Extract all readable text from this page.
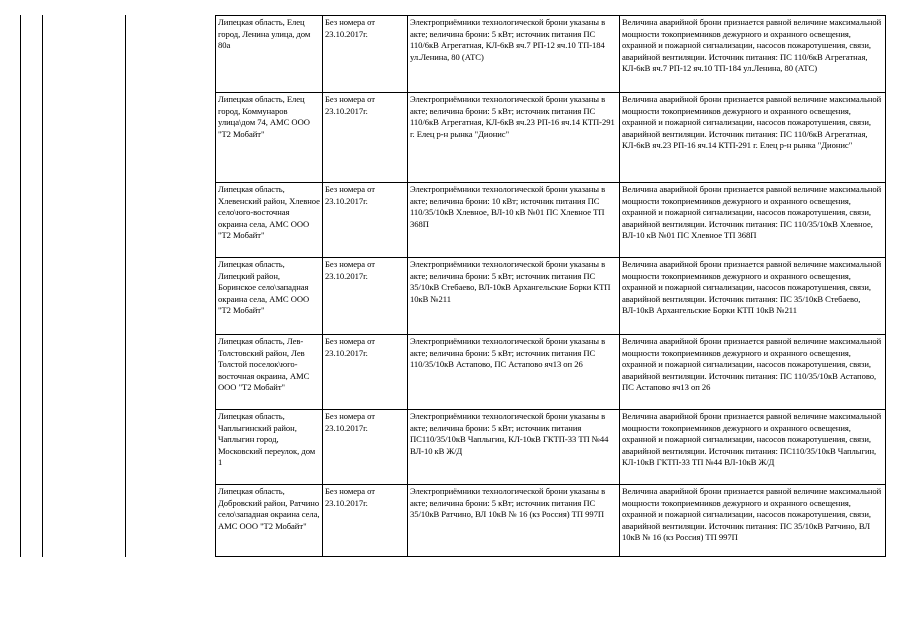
Липецкая область, Елец город, Ленина улица, дом 80а
Без номера от 23.10.2017г.
Электроприёмники технологической брони указаны в акте; величина брони: 5 кВт; источник питания ПС 110/6кВ Агрегатная, КЛ-6кВ яч.7 РП-12 яч.10 ТП-184 ул.Ленина, 80 (АТС)
Величина аварийной брони признается равной величине максимальной мощности токоприемников дежурного и охранного освещения, охранной и пожарной сигнализации, насосов пожаротушения, связи, аварийной вентиляции. Источник питания: ПС 110/6кВ Агрегатная, КЛ-6кВ яч.7 РП-12 яч.10 ТП-184 ул.Ленина, 80 (АТС)
Липецкая область, Елец город, Коммунаров улица\дом 74, АМС ООО "Т2 Мобайт"
Без номера от 23.10.2017г.
Электроприёмники технологической брони указаны в акте; величина брони: 5 кВт; источник питания ПС 110/6кВ Агрегатная, КЛ-6кВ яч.23 РП-16 яч.14 КТП-291 г. Елец р-н рынка "Дионис"
Величина аварийной брони признается равной величине максимальной мощности токоприемников дежурного и охранного освещения, охранной и пожарной сигнализации, насосов пожаротушения, связи, аварийной вентиляции. Источник питания: ПС 110/6кВ Агрегатная, КЛ-6кВ яч.23 РП-16 яч.14 КТП-291 г. Елец р-н рынка "Дионис"
Липецкая область, Хлевенский район, Хлевное село\юго-восточная окраина села, АМС ООО "Т2 Мобайт"
Без номера от 23.10.2017г.
Электроприёмники технологической брони указаны в акте; величина брони: 10 кВт; источник питания ПС 110/35/10кВ Хлевное, ВЛ-10 кВ №01 ПС Хлевное ТП 368П
Величина аварийной брони признается равной величине максимальной мощности токоприемников дежурного и охранного освещения, охранной и пожарной сигнализации, насосов пожаротушения, связи, аварийной вентиляции. Источник питания: ПС 110/35/10кВ Хлевное, ВЛ-10 кВ №01 ПС Хлевное ТП 368П
Липецкая область, Липецкий район, Боринское село\западная окраина села, АМС ООО "Т2 Мобайт"
Без номера от 23.10.2017г.
Электроприёмники технологической брони указаны в акте; величина брони: 5 кВт; источник питания ПС 35/10кВ Стебаево, ВЛ-10кВ Архангельские Борки КТП 10кВ №211
Величина аварийной брони признается равной величине максимальной мощности токоприемников дежурного и охранного освещения, охранной и пожарной сигнализации, насосов пожаротушения, связи, аварийной вентиляции. Источник питания: ПС 35/10кВ Стебаево, ВЛ-10кВ Архангельские Борки КТП 10кВ №211
Липецкая область, Лев-Толстовский район, Лев Толстой поселок\юго-восточная окраина, АМС ООО "Т2 Мобайт"
Без номера от 23.10.2017г.
Электроприёмники технологической брони указаны в акте; величина брони: 5 кВт; источник питания ПС 110/35/10кВ Астапово, ПС Астапово яч13 оп 26
Величина аварийной брони признается равной величине максимальной мощности токоприемников дежурного и охранного освещения, охранной и пожарной сигнализации, насосов пожаротушения, связи, аварийной вентиляции. Источник питания: ПС 110/35/10кВ Астапово, ПС Астапово яч13 оп 26
Липецкая область, Чаплыгинский район, Чаплыгин город, Московский переулок, дом 1
Без номера от 23.10.2017г.
Электроприёмники технологической брони указаны в акте; величина брони: 5 кВт; источник питания ПС110/35/10кВ Чаплыгин, КЛ-10кВ ГКТП-33 ТП №44 ВЛ-10 кВ Ж/Д
Величина аварийной брони признается равной величине максимальной мощности токоприемников дежурного и охранного освещения, охранной и пожарной сигнализации, насосов пожаротушения, связи, аварийной вентиляции. Источник питания: ПС110/35/10кВ Чаплыгин, КЛ-10кВ ГКТП-33 ТП №44 ВЛ-10кВ Ж/Д
Липецкая область, Добровский район, Ратчино село\западная окраина села, АМС ООО "Т2 Мобайт"
Без номера от 23.10.2017г.
Электроприёмники технологической брони указаны в акте; величина брони: 5 кВт; источник питания ПС 35/10кВ Ратчино, ВЛ 10кВ № 16 (кз Россия) ТП 997П
Величина аварийной брони признается равной величине максимальной мощности токоприемников дежурного и охранного освещения, охранной и пожарной сигнализации, насосов пожаротушения, связи, аварийной вентиляции. Источник питания: ПС 35/10кВ Ратчино, ВЛ 10кВ № 16 (кз Россия) ТП 997П
